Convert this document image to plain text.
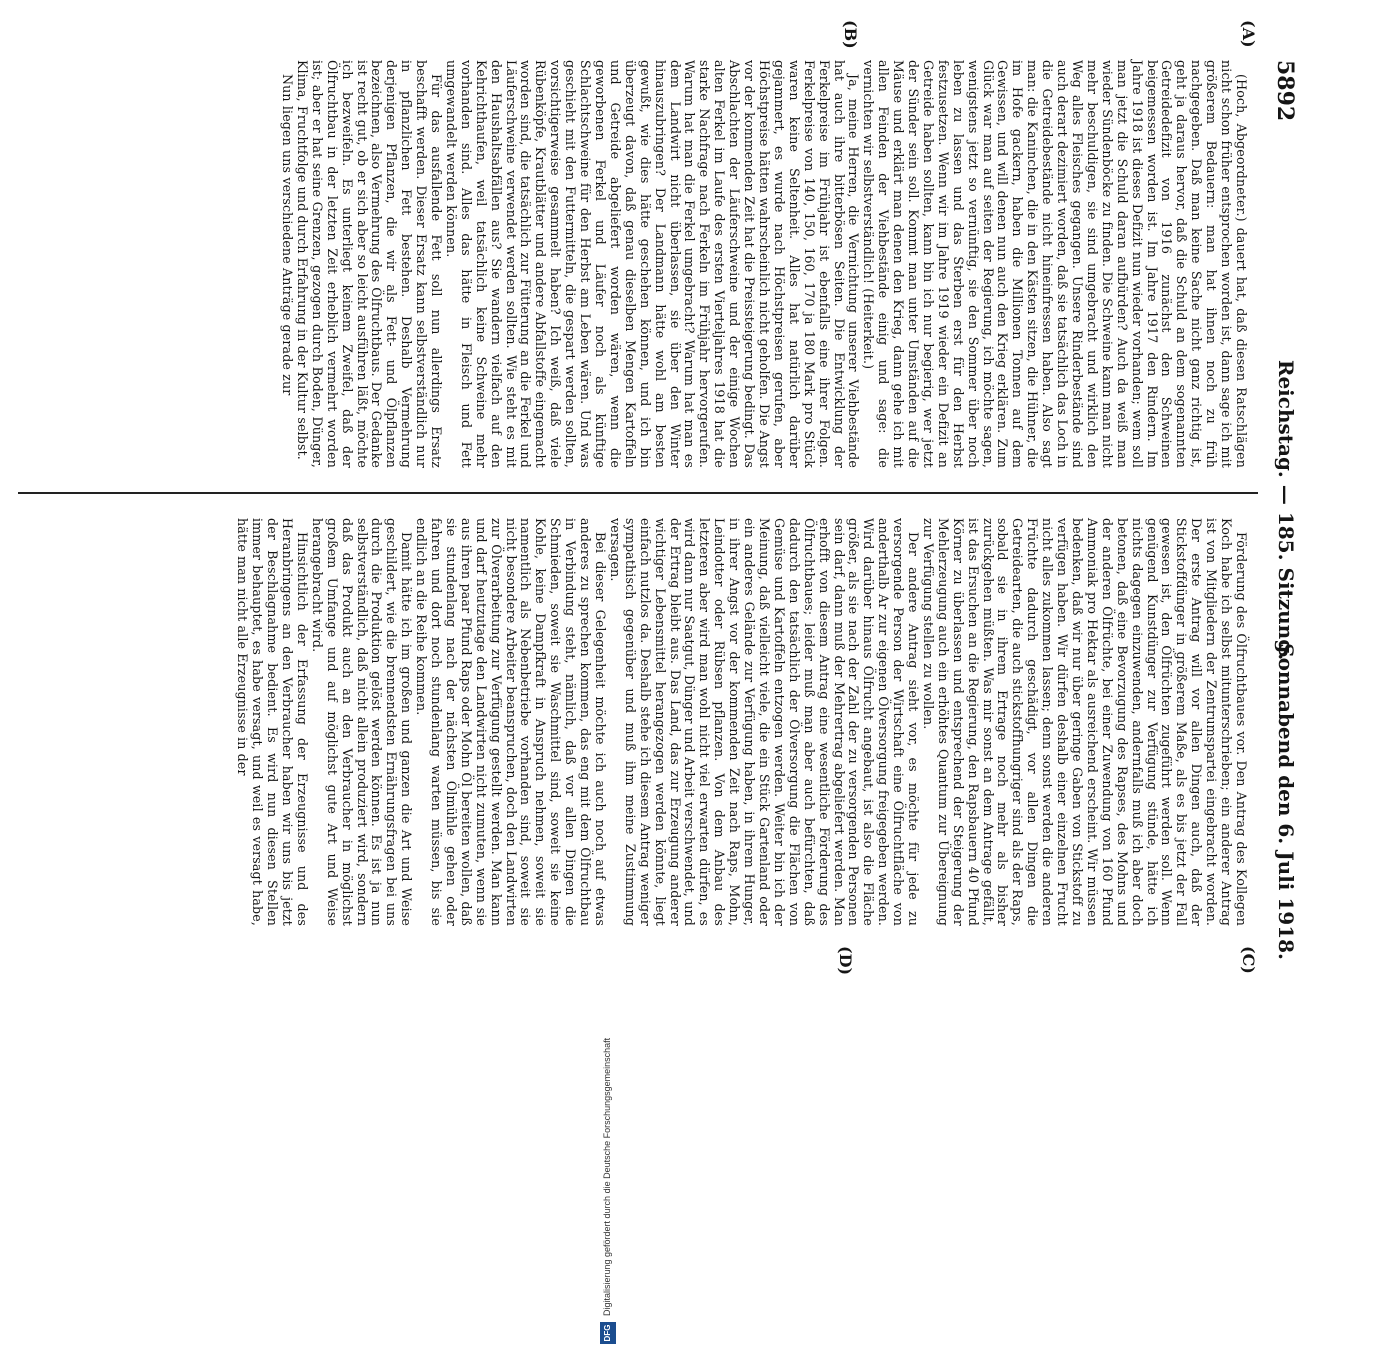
5892
Reichstag. — 185. Sitzung.
Sonnabend den 6. Juli 1918.
(A)
(B)
(C)
(D)

(Hoch, Abgeordneter.) dauert hat, daß diesen Ratschlägen nicht schon früher entsprochen worden ist, dann sage ich mit größerem Bedauern: man hat ihnen noch zu früh nachgegeben. Daß man keine Sache nicht ganz richtig ist, geht ja daraus hervor, daß die Schuld an dem sogenannten Getreidedefizit von 1916 zunächst den Schweinen beigemessen worden ist. Im Jahre 1917 den Rindern. Im Jahre 1918 ist dieses Defizit nun wieder vorhanden; wem soll man jetzt die Schuld daran aufbürden? Auch da weiß man wieder Sündenböcke zu finden. Die Schweine kann man nicht mehr beschuldigen, sie sind umgebracht und wirklich den Weg alles Fleisches gegangen. Unsere Rinderbestände sind auch derart dezimiert worden, daß sie tatsächlich das Loch in die Getreidebestände nicht hineinfressen haben. Also sagt man: die Kaninchen, die in den Kästen sitzen, die Hühner, die im Hofe gackern, haben die Millionen Tonnen auf dem Gewissen, und will denen nun auch den Krieg erklären. Zum Glück war man auf seiten der Regierung, ich möchte sagen, wenigstens jetzt so vernünftig, sie den Sommer über noch leben zu lassen und das Sterben erst für den Herbst festzusetzen. Wenn wir im Jahre 1919 wieder ein Defizit an Getreide haben sollten, kann bin ich nur begierig, wer jetzt der Sünder sein soll. Kommt man unter Umständen auf die Mäuse und erklärt man denen den Krieg, dann gehe ich mit allen Feinden der Viehbestände einig und sage: die vernichten wir selbstverständlich! (Heiterkeit.)

Ja, meine Herren, die Vernichtung unserer Viehbestände hat auch ihre bitterbösen Seiten. Die Entwicklung der Ferkelpreise im Frühjahr ist ebenfalls eine ihrer Folgen. Ferkelpreise von 140, 150, 160, 170 ja 180 Mark pro Stück waren keine Seltenheit. Alles hat natürlich darüber gejammert, es wurde nach Höchstpreisen gerufen, aber Höchstpreise hätten wahrscheinlich nicht geholfen. Die Angst vor der kommenden Zeit hat die Preissteigerung bedingt. Das Abschlachten der Läuferschweine und der einige Wochen alten Ferkel im Laufe des ersten Vierteljahres 1918 hat die starke Nachfrage nach Ferkeln im Frühjahr hervorgerufen. Warum hat man die Ferkel umgebracht? Warum hat man es dem Landwirt nicht überlassen, sie über den Winter hinauszubringen? Der Landmann hätte wohl am besten gewußt, wie dies hätte geschehen können, und ich bin überzeugt davon, daß genau dieselben Mengen Kartoffeln und Getreide abgeliefert worden wären, wenn die geworbenen Ferkel und Läufer noch als künftige Schlachtschweine für den Herbst am Leben wären. Und was geschieht mit den Futtermitteln, die gespart werden sollten, vorsichtigerweise gesammelt haben? Ich weiß, daß viele Rübenköpfe, Krautblätter und andere Abfallstoffe eingemacht worden sind, die tatsächlich zur Fütterung an die Ferkel und Läuferschweine verwendet werden sollten. Wie steht es mit den Haushaltsabfällen aus? Sie wandern vielfach auf den Kehrichthaufen, weil tatsächlich keine Schweine mehr vorhanden sind. Alles das hätte in Fleisch und Fett umgewandelt werden können.

Für das ausfallende Fett soll nun allerdings Ersatz beschafft werden. Dieser Ersatz kann selbstverständlich nur in pflanzlichen Fett bestehen. Deshalb Vermehrung derjenigen Pflanzen, die wir als Fett- und Ölpflanzen bezeichnen, also Vermehrung des Ölfruchtbaus. Der Gedanke ist recht gut, ob er sich aber so leicht ausführen läßt, möchte ich bezweifeln. Es unterliegt keinem Zweifel, daß der Ölfruchtbau in der letzten Zeit erheblich vermehrt worden ist; aber er hat seine Grenzen, gezogen durch Boden, Dünger, Klima, Fruchtfolge und durch Erfahrung in der Kultur selbst.

Nun liegen uns verschiedene Anträge gerade zur

Förderung des Ölfruchtbaues vor. Den Antrag des Kollegen Koch habe ich selbst mitunterschrieben; ein anderer Antrag ist von Mitgliedern der Zentrumspartei eingebracht worden. Der erste Antrag will vor allen Dingen auch, daß der Stickstoffdünger in größerem Maße, als es bis jetzt der Fall gewesen ist, den Ölfrüchten zugeführt werden soll. Wenn genügend Kunstdünger zur Verfügung stünde, hätte ich nichts dagegen einzuwenden, andernfalls muß ich aber doch betonen, daß eine Bevorzugung des Rapses, des Mohns und der anderen Ölfrüchte, bei einer Zuwendung von 160 Pfund Ammoniak pro Hektar als ausreichend erscheint. Wir müssen bedenken, daß wir nur über geringe Gaben von Stickstoff zu verfügen haben. Wir dürfen deshalb einer einzelnen Frucht nicht alles zukommen lassen; denn sonst werden die anderen Früchte dadurch geschädigt, vor allen Dingen die Getreidearten, die auch stickstoffhungriger sind als der Raps, sobald sie in ihrem Ertrage noch mehr als bisher zurückgehen müßten. Was mir sonst an dem Antrage gefällt, ist das Ersuchen an die Regierung, den Rapsbauern 40 Pfund Körner zu überlassen und entsprechend der Steigerung der Mehlerzeugung auch ein erhöhtes Quantum zur Übereignung zur Verfügung stellen zu wollen.

Der andere Antrag sieht vor, es möchte für jede zu versorgende Person der Wirtschaft eine Ölfruchtfläche von anderthalb Ar zur eigenen Ölversorgung freigegeben werden. Wird darüber hinaus Ölfrucht angebaut, ist also die Fläche größer, als sie nach der Zahl der zu versorgenden Personen sein darf, dann muß der Mehrertrag abgeliefert werden. Man erhofft von diesem Antrag eine wesentliche Förderung des Ölfruchtbaues; leider muß man aber auch befürchten, daß dadurch den tatsächlich der Ölversorgung die Flächen von Gemüse und Kartoffeln entzogen werden. Weiter bin ich der Meinung, daß vielleicht viele, die ein Stück Gartenland oder ein anderes Gelände zur Verfügung haben, in ihrem Hunger, in ihrer Angst vor der kommenden Zeit nach Raps, Mohn, Leindotter oder Rübsen pflanzen. Von dem Anbau des letzteren aber wird man wohl nicht viel erwarten dürfen, es wird dann nur Saatgut, Dünger und Arbeit verschwendet, und der Ertrag bleibt aus. Das Land, das zur Erzeugung anderer wichtiger Lebensmittel herangezogen werden könnte, liegt einfach nutzlos da. Deshalb stehe ich diesem Antrag weniger sympathisch gegenüber und muß ihm meine Zustimmung versagen.

Bei dieser Gelegenheit möchte ich auch noch auf etwas anderes zu sprechen kommen, das eng mit dem Ölfruchtbau in Verbindung steht, nämlich, daß vor allen Dingen die Schmieden, soweit sie Waschmittel sind, soweit sie keine Kohle, keine Dampfkraft in Anspruch nehmen, soweit sie namentlich als Nebenbetriebe vorhanden sind, soweit sie nicht besondere Arbeiter beanspruchen, doch den Landwirten zur Ölverarbeitung zur Verfügung gestellt werden. Man kann und darf heutzutage den Landwirten nicht zumuten, wenn sie aus ihren paar Pfund Raps oder Mohn Öl bereiten wollen, daß sie stundenlang nach der nächsten Ölmühle gehen oder fahren und dort noch stundenlang warten müssen, bis sie endlich an die Reihe kommen.

Damit hätte ich im großen und ganzen die Art und Weise geschildert, wie die brennendsten Ernährungsfragen bei uns durch die Produktion gelöst werden können. Es ist ja nun selbstverständlich, daß nicht allein produziert wird, sondern daß das Produkt auch an den Verbraucher in möglichst großem Umfange und auf möglichst gute Art und Weise herangebracht wird.

Hinsichtlich der Erfassung der Erzeugnisse und des Heranbringens an den Verbraucher haben wir uns bis jetzt der Beschlagnahme bedient. Es wird nun diesen Stellen immer behauptet, es habe versagt, und weil es versagt habe, hätte man nicht alle Erzeugnisse in der

DFG
Digitalisierung gefördert durch die Deutsche Forschungsgemeinschaft
